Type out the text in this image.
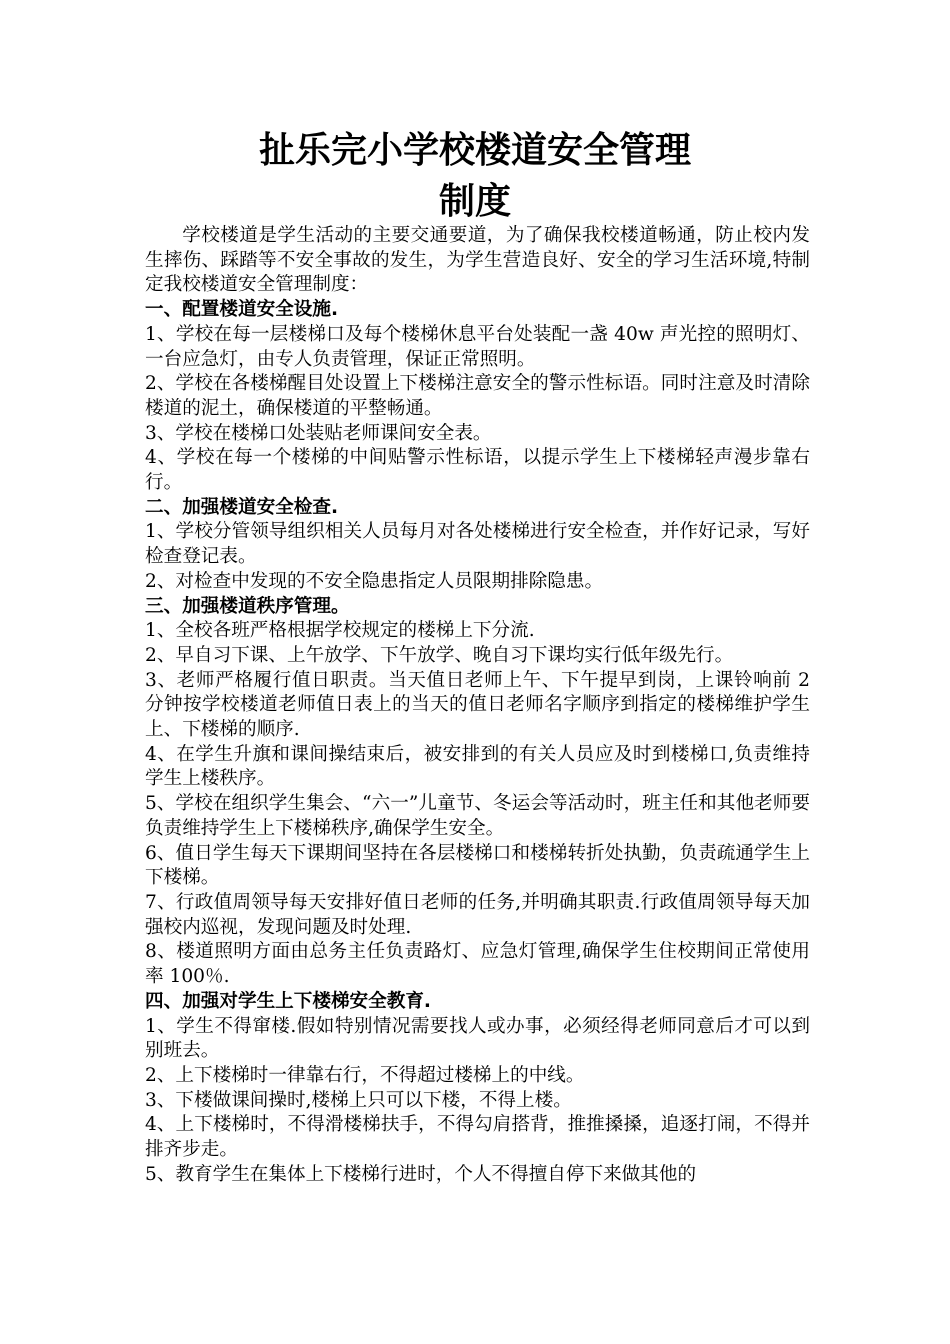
扯乐完小学校楼道安全管理
制度

学校楼道是学生活动的主要交通要道，为了确保我校楼道畅通，防止校内发生摔伤、踩踏等不安全事故的发生，为学生营造良好、安全的学习生活环境,特制定我校楼道安全管理制度：

一、配置楼道安全设施.

1、学校在每一层楼梯口及每个楼梯休息平台处装配一盏 40w 声光控的照明灯、一台应急灯，由专人负责管理，保证正常照明。

2、学校在各楼梯醒目处设置上下楼梯注意安全的警示性标语。同时注意及时清除楼道的泥土，确保楼道的平整畅通。

3、学校在楼梯口处装贴老师课间安全表。

4、学校在每一个楼梯的中间贴警示性标语，以提示学生上下楼梯轻声漫步靠右行。

二、加强楼道安全检查.

1、学校分管领导组织相关人员每月对各处楼梯进行安全检查，并作好记录，写好检查登记表。

2、对检查中发现的不安全隐患指定人员限期排除隐患。

三、加强楼道秩序管理。

1、全校各班严格根据学校规定的楼梯上下分流.

2、早自习下课、上午放学、下午放学、晚自习下课均实行低年级先行。

3、老师严格履行值日职责。当天值日老师上午、下午提早到岗，上课铃响前 2 分钟按学校楼道老师值日表上的当天的值日老师名字顺序到指定的楼梯维护学生上、下楼梯的顺序.

4、在学生升旗和课间操结束后，被安排到的有关人员应及时到楼梯口,负责维持学生上楼秩序。

5、学校在组织学生集会、“六一”儿童节、冬运会等活动时，班主任和其他老师要负责维持学生上下楼梯秩序,确保学生安全。

6、值日学生每天下课期间坚持在各层楼梯口和楼梯转折处执勤，负责疏通学生上下楼梯。

7、行政值周领导每天安排好值日老师的任务,并明确其职责.行政值周领导每天加强校内巡视，发现问题及时处理.

8、楼道照明方面由总务主任负责路灯、应急灯管理,确保学生住校期间正常使用率 100％.

四、加强对学生上下楼梯安全教育.

1、学生不得窜楼.假如特别情况需要找人或办事，必须经得老师同意后才可以到别班去。

2、上下楼梯时一律靠右行，不得超过楼梯上的中线。

3、下楼做课间操时,楼梯上只可以下楼，不得上楼。

4、上下楼梯时，不得滑楼梯扶手，不得勾肩搭背，推推搡搡，追逐打闹，不得并排齐步走。

5、教育学生在集体上下楼梯行进时，个人不得擅自停下来做其他的
